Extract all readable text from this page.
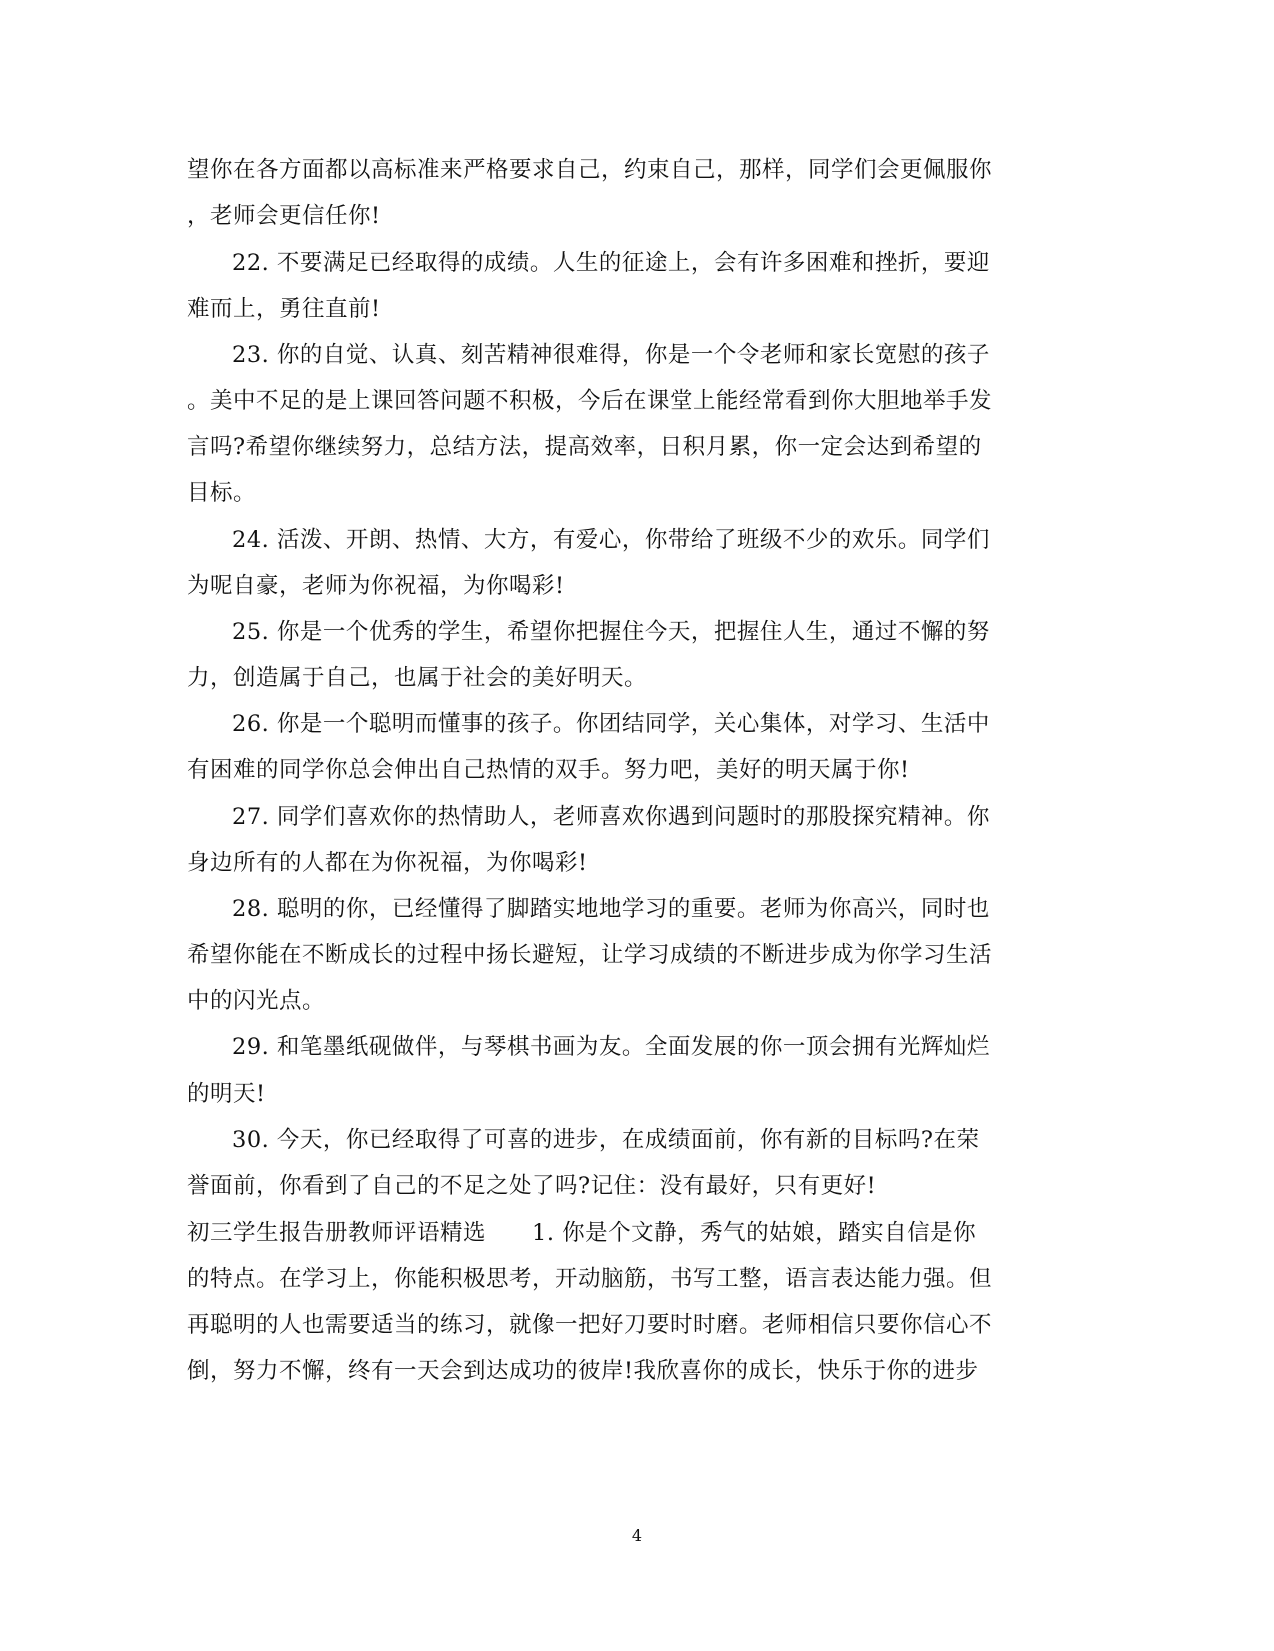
望你在各方面都以高标准来严格要求自己，约束自己，那样，同学们会更佩服你
，老师会更信任你!
22. 不要满足已经取得的成绩。人生的征途上，会有许多困难和挫折，要迎
难而上，勇往直前!
23. 你的自觉、认真、刻苦精神很难得，你是一个令老师和家长宽慰的孩子
。美中不足的是上课回答问题不积极，今后在课堂上能经常看到你大胆地举手发
言吗?希望你继续努力，总结方法，提高效率，日积月累，你一定会达到希望的
目标。
24. 活泼、开朗、热情、大方，有爱心，你带给了班级不少的欢乐。同学们
为呢自豪，老师为你祝福，为你喝彩!
25. 你是一个优秀的学生，希望你把握住今天，把握住人生，通过不懈的努
力，创造属于自己，也属于社会的美好明天。
26. 你是一个聪明而懂事的孩子。你团结同学，关心集体，对学习、生活中
有困难的同学你总会伸出自己热情的双手。努力吧，美好的明天属于你!
27. 同学们喜欢你的热情助人，老师喜欢你遇到问题时的那股探究精神。你
身边所有的人都在为你祝福，为你喝彩!
28. 聪明的你，已经懂得了脚踏实地地学习的重要。老师为你高兴，同时也
希望你能在不断成长的过程中扬长避短，让学习成绩的不断进步成为你学习生活
中的闪光点。
29. 和笔墨纸砚做伴，与琴棋书画为友。全面发展的你一顶会拥有光辉灿烂
的明天!
30. 今天，你已经取得了可喜的进步，在成绩面前，你有新的目标吗?在荣
誉面前，你看到了自己的不足之处了吗?记住：没有最好，只有更好!
初三学生报告册教师评语精选　　1. 你是个文静，秀气的姑娘，踏实自信是你
的特点。在学习上，你能积极思考，开动脑筋，书写工整，语言表达能力强。但
再聪明的人也需要适当的练习，就像一把好刀要时时磨。老师相信只要你信心不
倒，努力不懈，终有一天会到达成功的彼岸!我欣喜你的成长，快乐于你的进步
4
